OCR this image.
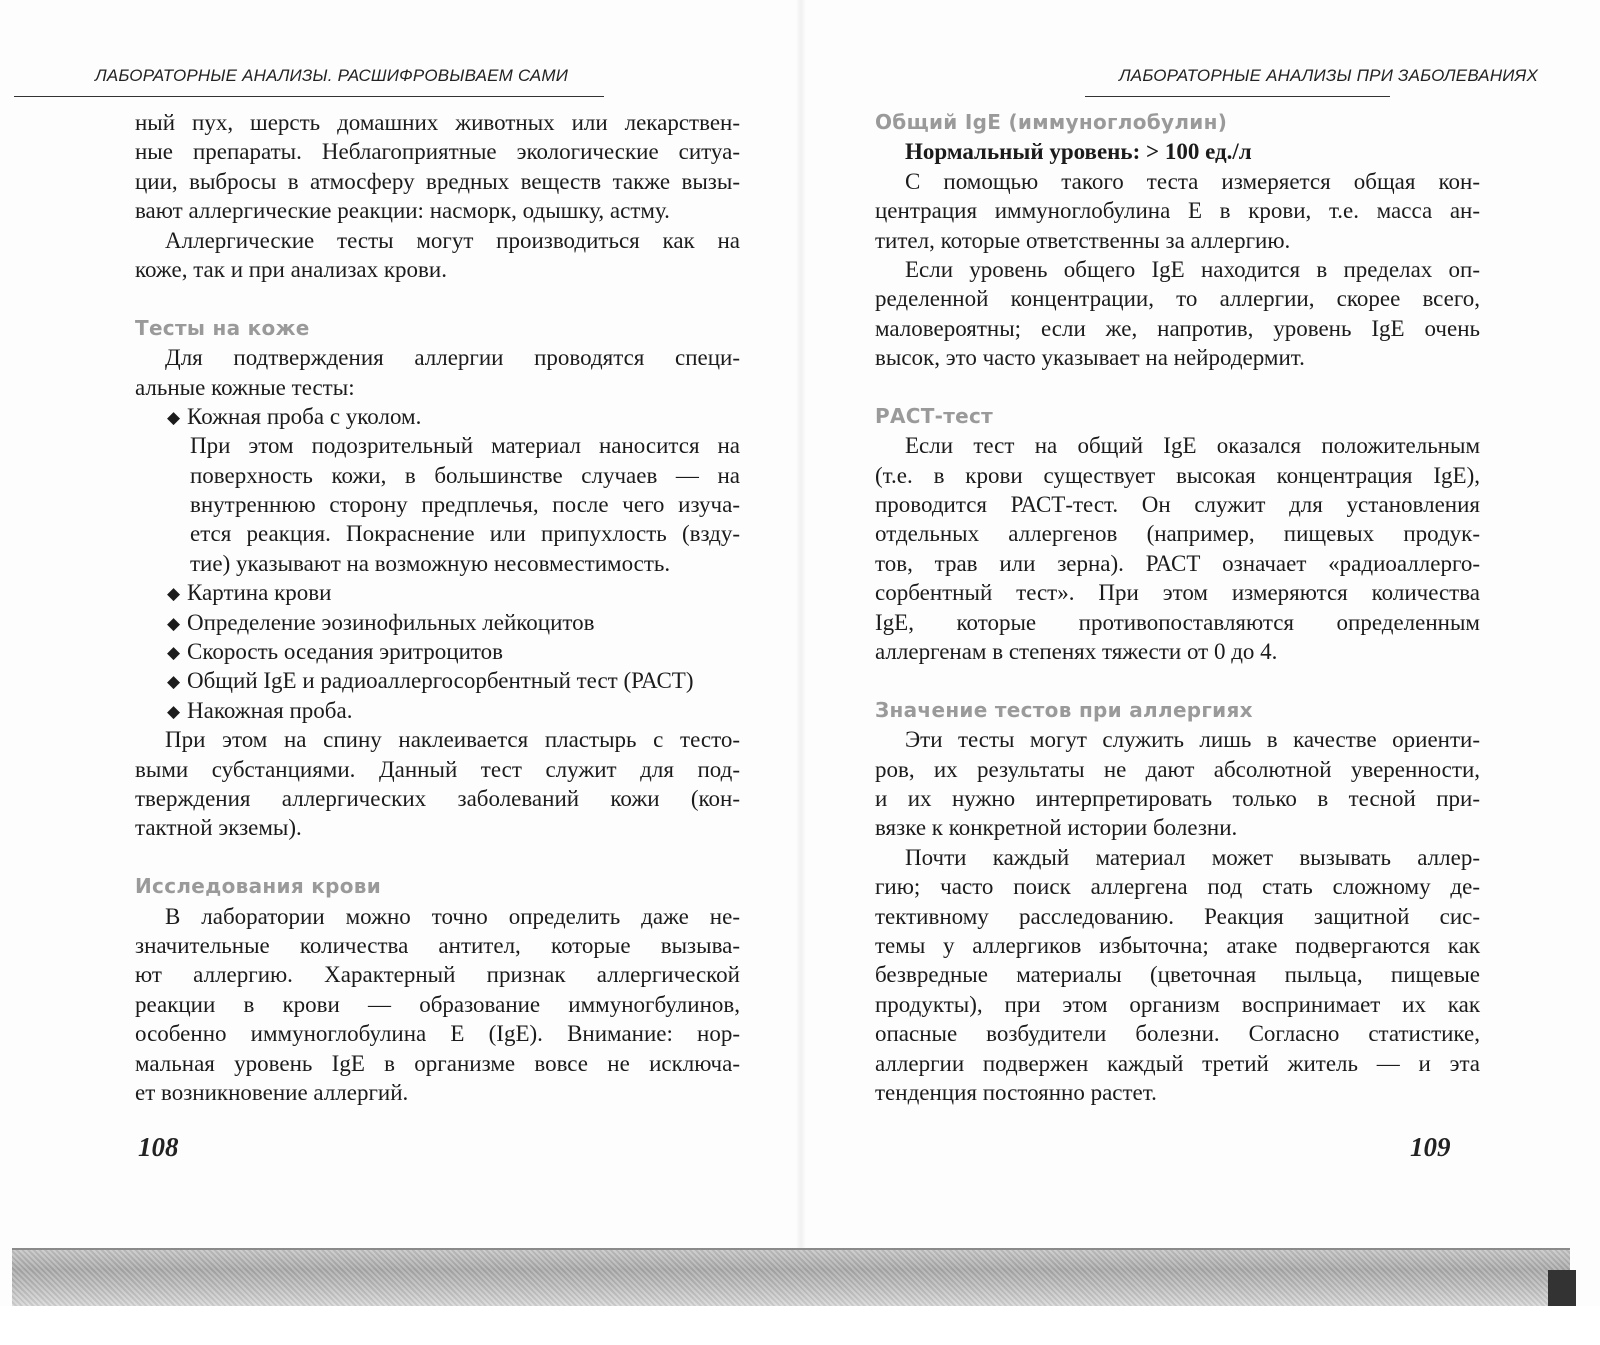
ЛАБОРАТОРНЫЕ АНАЛИЗЫ. РАСШИФРОВЫВАЕМ САМИ
ный пух, шерсть домашних животных или лекарствен-
ные препараты. Неблагоприятные экологические ситуа-
ции, выбросы в атмосферу вредных веществ также вызы-
вают аллергические реакции: насморк, одышку, астму.
Аллергические тесты могут производиться как на
коже, так и при анализах крови.
Тесты на коже
Для подтверждения аллергии проводятся специ-
альные кожные тесты:
◆ Кожная проба с уколом.
При этом подозрительный материал наносится на
поверхность кожи, в большинстве случаев — на
внутреннюю сторону предплечья, после чего изуча-
ется реакция. Покраснение или припухлость (взду-
тие) указывают на возможную несовместимость.
◆ Картина крови
◆ Определение эозинофильных лейкоцитов
◆ Скорость оседания эритроцитов
◆ Общий IgE и радиоаллергосорбентный тест (РАСТ)
◆ Накожная проба.
При этом на спину наклеивается пластырь с тесто-
выми субстанциями. Данный тест служит для под-
тверждения аллергических заболеваний кожи (кон-
тактной экземы).
Исследования крови
В лаборатории можно точно определить даже не-
значительные количества антител, которые вызыва-
ют аллергию. Характерный признак аллергической
реакции в крови — образование иммуногбулинов,
особенно иммуноглобулина Е (IgE). Внимание: нор-
мальная уровень IgE в организме вовсе не исключа-
ет возникновение аллергий.
108
ЛАБОРАТОРНЫЕ АНАЛИЗЫ ПРИ ЗАБОЛЕВАНИЯХ
Общий IgE (иммуноглобулин)
Нормальный уровень: > 100 ед./л
С помощью такого теста измеряется общая кон-
центрация иммуноглобулина Е в крови, т.е. масса ан-
тител, которые ответственны за аллергию.
Если уровень общего IgE находится в пределах оп-
ределенной концентрации, то аллергии, скорее всего,
маловероятны; если же, напротив, уровень IgE очень
высок, это часто указывает на нейродермит.
РАСТ-тест
Если тест на общий IgE оказался положительным
(т.е. в крови существует высокая концентрация IgE),
проводится РАСТ-тест. Он служит для установления
отдельных аллергенов (например, пищевых продук-
тов, трав или зерна). РАСТ означает «радиоаллерго-
сорбентный тест». При этом измеряются количества
IgE, которые противопоставляются определенным
аллергенам в степенях тяжести от 0 до 4.
Значение тестов при аллергиях
Эти тесты могут служить лишь в качестве ориенти-
ров, их результаты не дают абсолютной уверенности,
и их нужно интерпретировать только в тесной при-
вязке к конкретной истории болезни.
Почти каждый материал может вызывать аллер-
гию; часто поиск аллергена под стать сложному де-
тективному расследованию. Реакция защитной сис-
темы у аллергиков избыточна; атаке подвергаются как
безвредные материалы (цветочная пыльца, пищевые
продукты), при этом организм воспринимает их как
опасные возбудители болезни. Согласно статистике,
аллергии подвержен каждый третий житель — и эта
тенденция постоянно растет.
109
